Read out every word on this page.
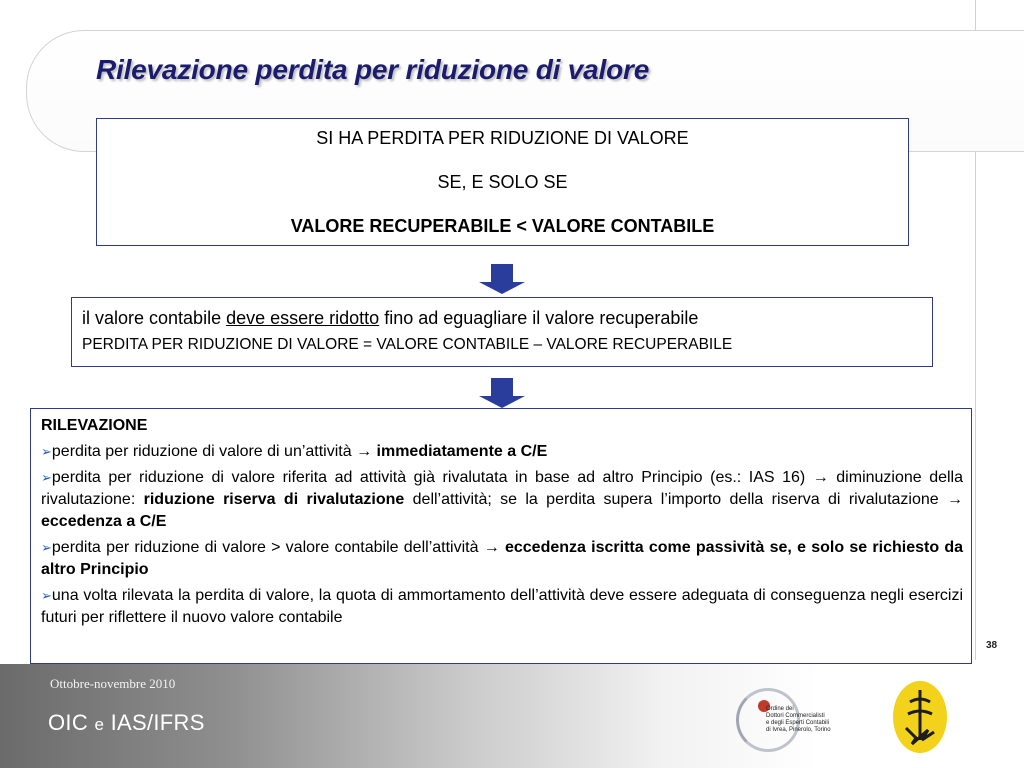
Rilevazione perdita per riduzione di valore
SI HA PERDITA PER RIDUZIONE DI VALORE
SE, E SOLO SE
VALORE RECUPERABILE < VALORE CONTABILE
il valore contabile deve essere ridotto fino ad eguagliare il valore recuperabile
PERDITA PER RIDUZIONE DI VALORE = VALORE CONTABILE – VALORE RECUPERABILE
RILEVAZIONE
➢perdita per riduzione di valore di un’attività → immediatamente a C/E
➢perdita per riduzione di valore riferita ad attività già rivalutata in base ad altro Principio (es.: IAS 16) → diminuzione della rivalutazione: riduzione riserva di rivalutazione dell’attività; se la perdita supera l’importo della riserva di rivalutazione → eccedenza a C/E
➢perdita per riduzione di valore > valore contabile dell’attività → eccedenza iscritta come passività se, e solo se richiesto da altro Principio
➢una volta rilevata la perdita di valore, la quota di ammortamento dell’attività deve essere adeguata di conseguenza negli esercizi futuri per riflettere il nuovo valore contabile
38
Ottobre-novembre 2010
OIC e IAS/IFRS
Ordine dei
Dottori Commercialisti
e degli Esperti Contabili
di Ivrea, Pinerolo, Torino
